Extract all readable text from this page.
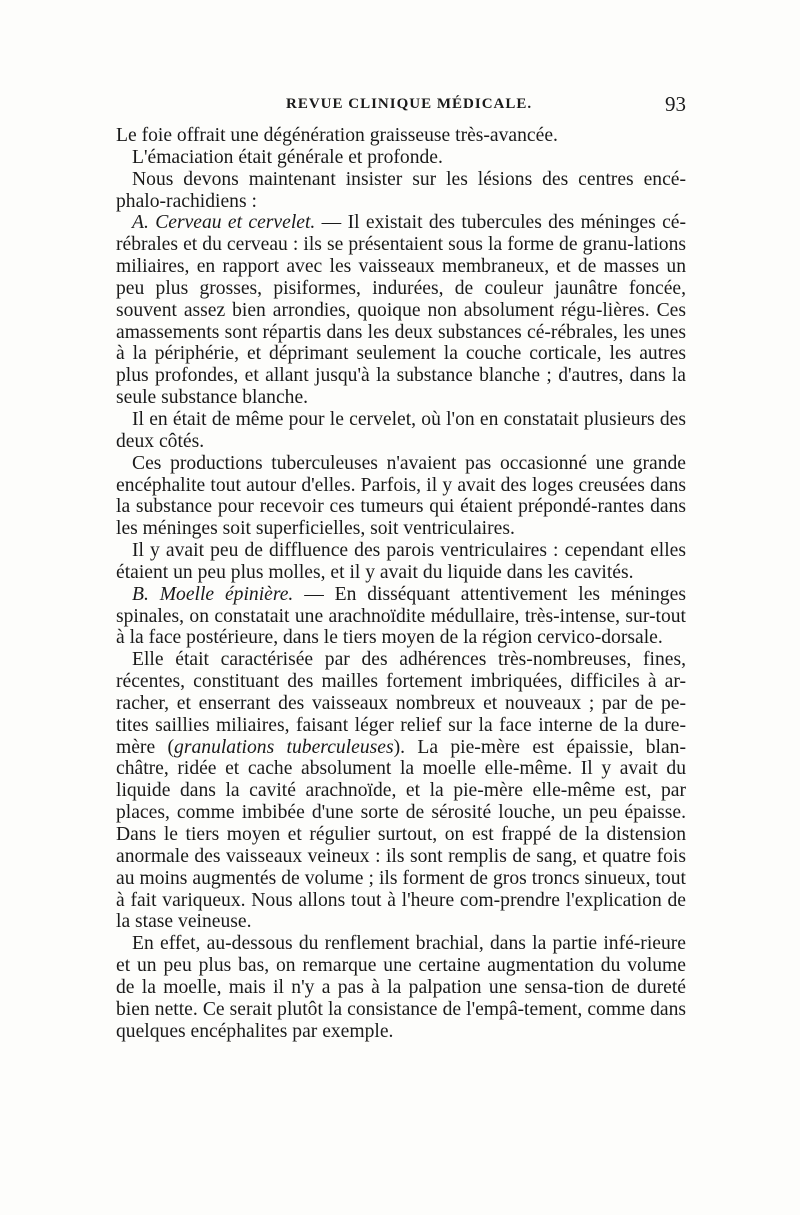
REVUE CLINIQUE MÉDICALE.	93

Le foie offrait une dégénération graisseuse très-avancée.

L'émaciation était générale et profonde.

Nous devons maintenant insister sur les lésions des centres encé-phalo-rachidiens :

A. Cerveau et cervelet. — Il existait des tubercules des méninges cé-rébrales et du cerveau : ils se présentaient sous la forme de granu-lations miliaires, en rapport avec les vaisseaux membraneux, et de masses un peu plus grosses, pisiformes, indurées, de couleur jaunâtre foncée, souvent assez bien arrondies, quoique non absolument régu-lières. Ces amassements sont répartis dans les deux substances cé-rébrales, les unes à la périphérie, et déprimant seulement la couche corticale, les autres plus profondes, et allant jusqu'à la substance blanche ; d'autres, dans la seule substance blanche.

Il en était de même pour le cervelet, où l'on en constatait plusieurs des deux côtés.

Ces productions tuberculeuses n'avaient pas occasionné une grande encéphalite tout autour d'elles. Parfois, il y avait des loges creusées dans la substance pour recevoir ces tumeurs qui étaient prépondé-rantes dans les méninges soit superficielles, soit ventriculaires.

Il y avait peu de diffluence des parois ventriculaires : cependant elles étaient un peu plus molles, et il y avait du liquide dans les cavités.

B. Moelle épinière. — En disséquant attentivement les méninges spinales, on constatait une arachnoïdite médullaire, très-intense, sur-tout à la face postérieure, dans le tiers moyen de la région cervico-dorsale.

Elle était caractérisée par des adhérences très-nombreuses, fines, récentes, constituant des mailles fortement imbriquées, difficiles à ar-racher, et enserrant des vaisseaux nombreux et nouveaux ; par de pe-tites saillies miliaires, faisant léger relief sur la face interne de la dure-mère (granulations tuberculeuses). La pie-mère est épaissie, blan-châtre, ridée et cache absolument la moelle elle-même. Il y avait du liquide dans la cavité arachnoïde, et la pie-mère elle-même est, par places, comme imbibée d'une sorte de sérosité louche, un peu épaisse. Dans le tiers moyen et régulier surtout, on est frappé de la distension anormale des vaisseaux veineux : ils sont remplis de sang, et quatre fois au moins augmentés de volume ; ils forment de gros troncs sinueux, tout à fait variqueux. Nous allons tout à l'heure com-prendre l'explication de la stase veineuse.

En effet, au-dessous du renflement brachial, dans la partie infé-rieure et un peu plus bas, on remarque une certaine augmentation du volume de la moelle, mais il n'y a pas à la palpation une sensa-tion de dureté bien nette. Ce serait plutôt la consistance de l'empâ-tement, comme dans quelques encéphalites par exemple.
